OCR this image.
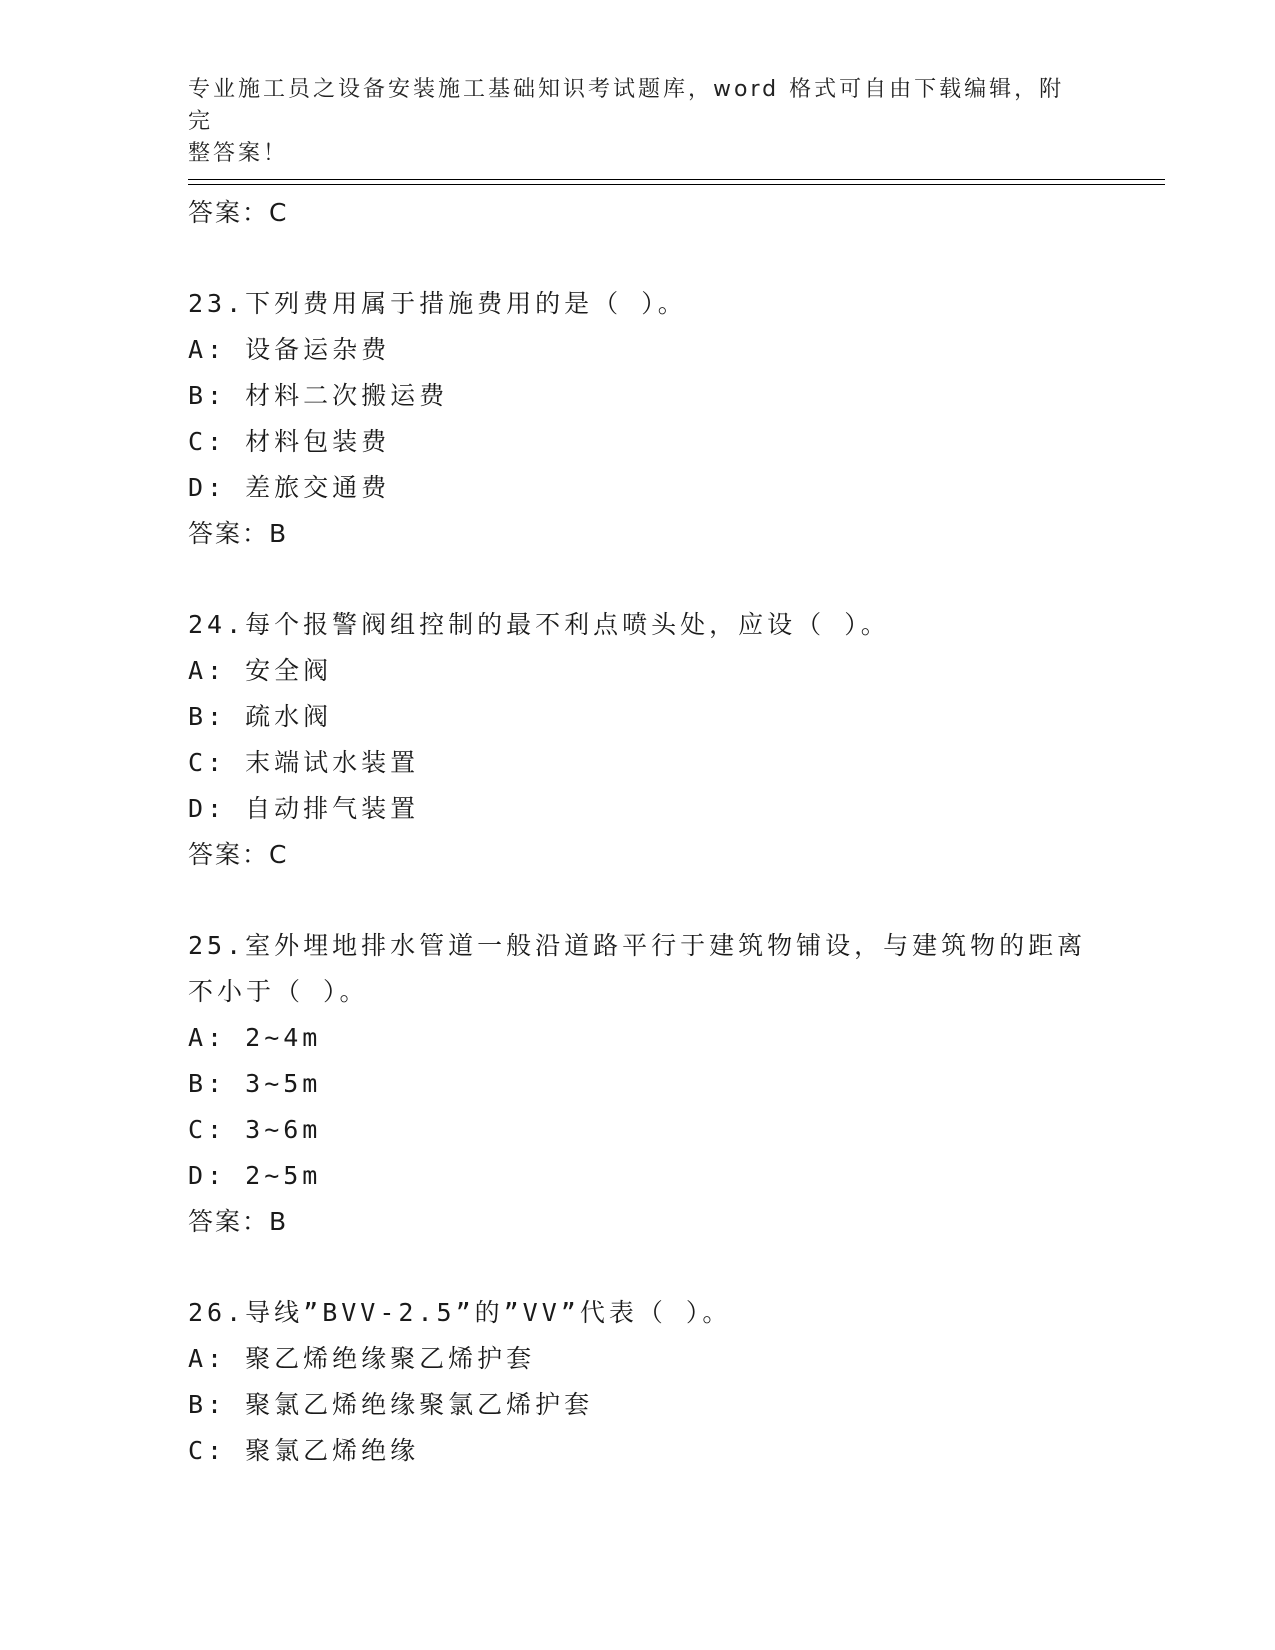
专业施工员之设备安装施工基础知识考试题库，word 格式可自由下载编辑，附完
整答案！
答案：C
23.下列费用属于措施费用的是（ ）。
A: 设备运杂费
B: 材料二次搬运费
C: 材料包装费
D: 差旅交通费
答案：B
24.每个报警阀组控制的最不利点喷头处，应设（ ）。
A: 安全阀
B: 疏水阀
C: 末端试水装置
D: 自动排气装置
答案：C
25.室外埋地排水管道一般沿道路平行于建筑物铺设，与建筑物的距离
不小于（ ）。
A: 2~4m
B: 3~5m
C: 3~6m
D: 2~5m
答案：B
26.导线”BVV-2.5”的”VV”代表（ ）。
A: 聚乙烯绝缘聚乙烯护套
B: 聚氯乙烯绝缘聚氯乙烯护套
C: 聚氯乙烯绝缘
